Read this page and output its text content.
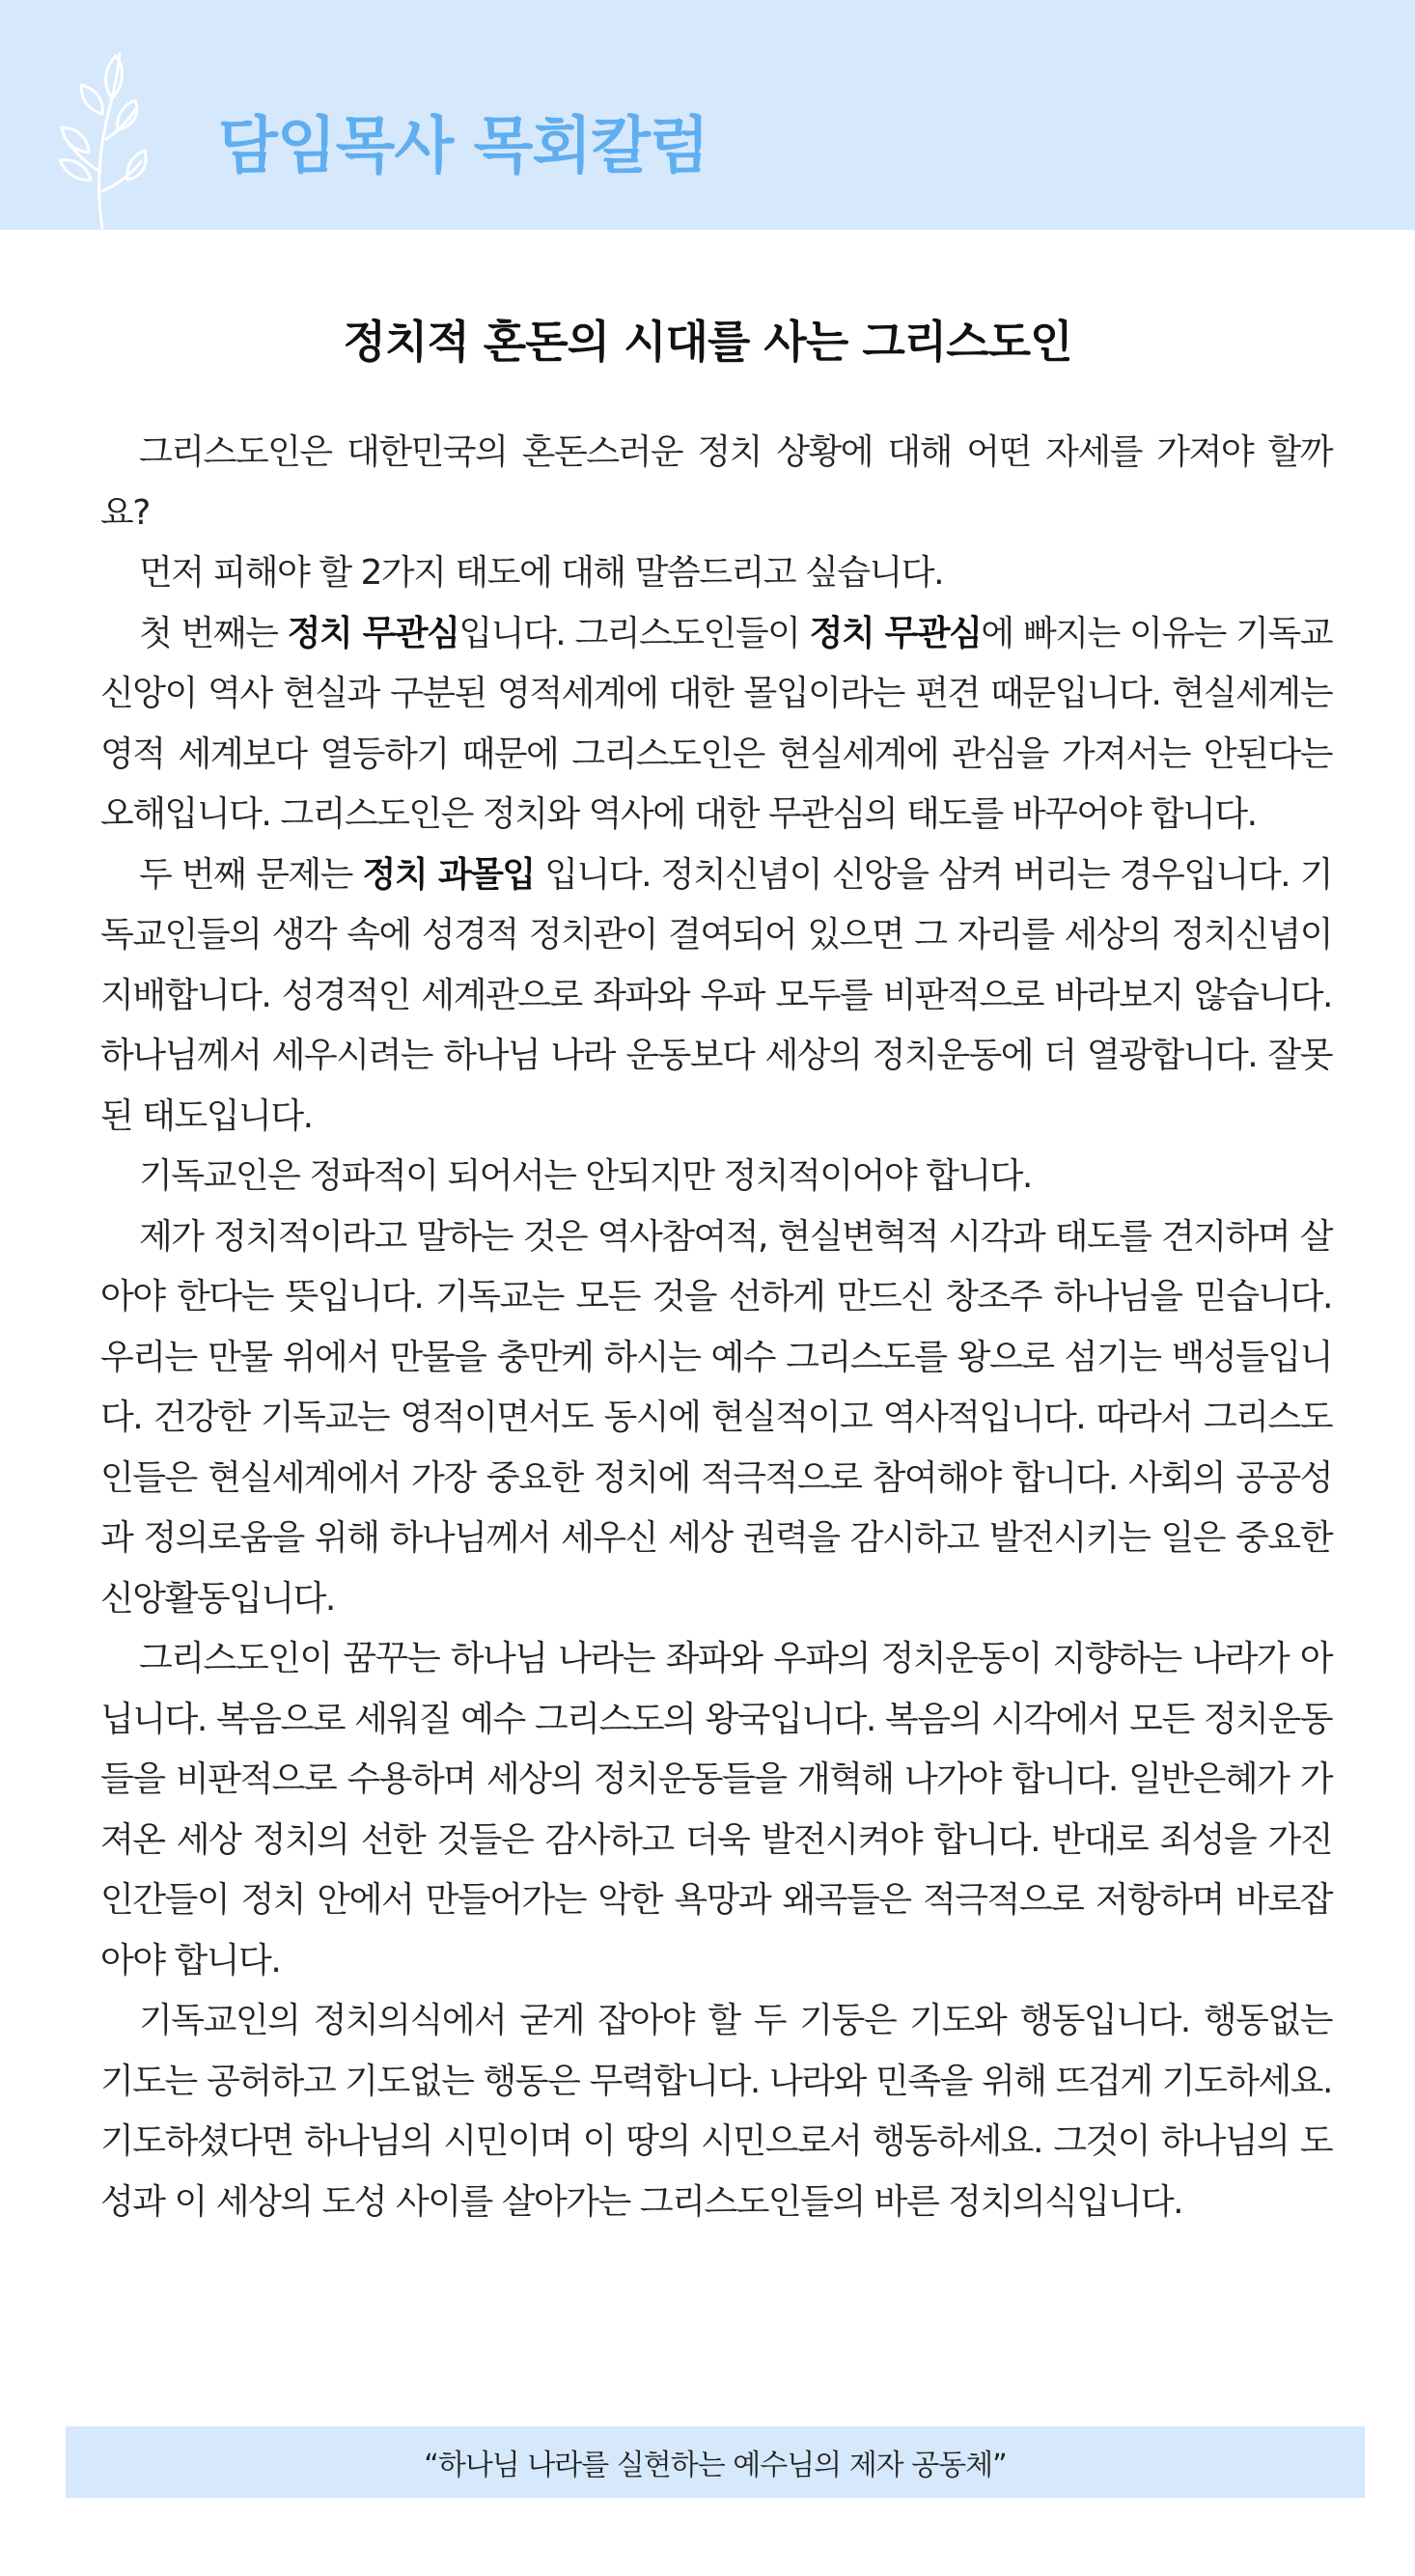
담임목사 목회칼럼
정치적 혼돈의 시대를 사는 그리스도인

그리스도인은 대한민국의 혼돈스러운 정치 상황에 대해 어떤 자세를 가져야 할까요?

먼저 피해야 할 2가지 태도에 대해 말씀드리고 싶습니다.

첫 번째는 정치 무관심입니다. 그리스도인들이 정치 무관심에 빠지는 이유는 기독교 신앙이 역사 현실과 구분된 영적세계에 대한 몰입이라는 편견 때문입니다. 현실세계는 영적 세계보다 열등하기 때문에 그리스도인은 현실세계에 관심을 가져서는 안된다는 오해입니다. 그리스도인은 정치와 역사에 대한 무관심의 태도를 바꾸어야 합니다.

두 번째 문제는 정치 과몰입 입니다. 정치신념이 신앙을 삼켜 버리는 경우입니다. 기독교인들의 생각 속에 성경적 정치관이 결여되어 있으면 그 자리를 세상의 정치신념이 지배합니다. 성경적인 세계관으로 좌파와 우파 모두를 비판적으로 바라보지 않습니다. 하나님께서 세우시려는 하나님 나라 운동보다 세상의 정치운동에 더 열광합니다. 잘못된 태도입니다.

기독교인은 정파적이 되어서는 안되지만 정치적이어야 합니다.

제가 정치적이라고 말하는 것은 역사참여적, 현실변혁적 시각과 태도를 견지하며 살아야 한다는 뜻입니다. 기독교는 모든 것을 선하게 만드신 창조주 하나님을 믿습니다. 우리는 만물 위에서 만물을 충만케 하시는 예수 그리스도를 왕으로 섬기는 백성들입니다. 건강한 기독교는 영적이면서도 동시에 현실적이고 역사적입니다. 따라서 그리스도인들은 현실세계에서 가장 중요한 정치에 적극적으로 참여해야 합니다. 사회의 공공성과 정의로움을 위해 하나님께서 세우신 세상 권력을 감시하고 발전시키는 일은 중요한 신앙활동입니다.

그리스도인이 꿈꾸는 하나님 나라는 좌파와 우파의 정치운동이 지향하는 나라가 아닙니다. 복음으로 세워질 예수 그리스도의 왕국입니다. 복음의 시각에서 모든 정치운동들을 비판적으로 수용하며 세상의 정치운동들을 개혁해 나가야 합니다. 일반은혜가 가져온 세상 정치의 선한 것들은 감사하고 더욱 발전시켜야 합니다. 반대로 죄성을 가진 인간들이 정치 안에서 만들어가는 악한 욕망과 왜곡들은 적극적으로 저항하며 바로잡아야 합니다.

기독교인의 정치의식에서 굳게 잡아야 할 두 기둥은 기도와 행동입니다. 행동없는 기도는 공허하고 기도없는 행동은 무력합니다. 나라와 민족을 위해 뜨겁게 기도하세요. 기도하셨다면 하나님의 시민이며 이 땅의 시민으로서 행동하세요. 그것이 하나님의 도성과 이 세상의 도성 사이를 살아가는 그리스도인들의 바른 정치의식입니다.

“하나님 나라를 실현하는 예수님의 제자 공동체”
